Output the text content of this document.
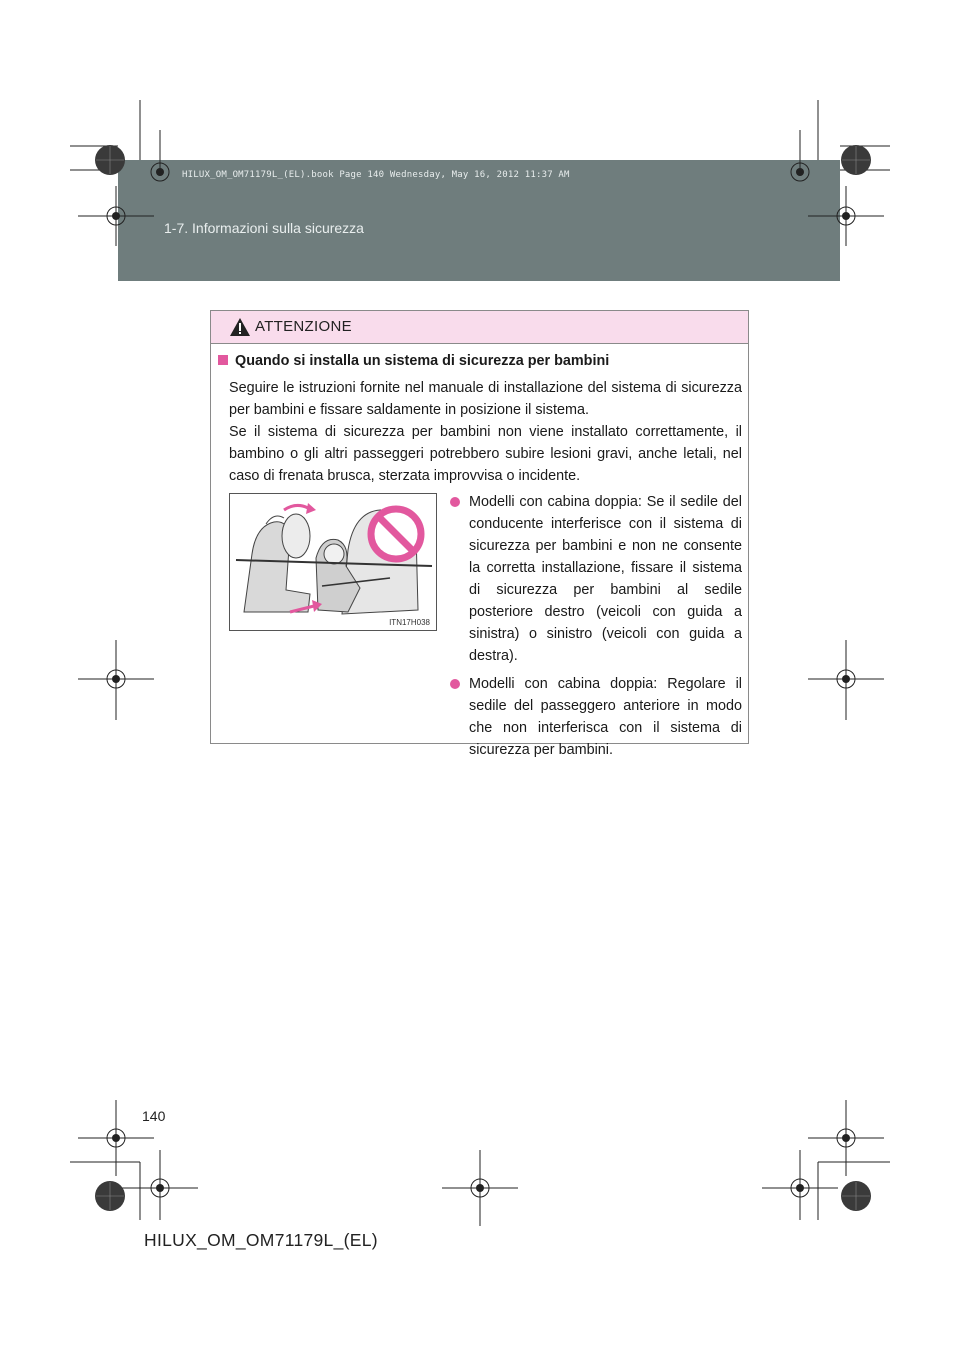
HILUX_OM_OM71179L_(EL).book Page 140 Wednesday, May 16, 2012 11:37 AM
1-7. Informazioni sulla sicurezza
ATTENZIONE
Quando si installa un sistema di sicurezza per bambini
Seguire le istruzioni fornite nel manuale di installazione del sistema di sicurezza per bambini e fissare saldamente in posizione il sistema.
Se il sistema di sicurezza per bambini non viene installato correttamente, il bambino o gli altri passeggeri potrebbero subire lesioni gravi, anche letali, nel caso di frenata brusca, sterzata improvvisa o incidente.
ITN17H038
Modelli con cabina doppia: Se il sedile del conducente interferisce con il sistema di sicurezza per bambini e non ne consente la corretta installazione, fissare il sistema di sicurezza per bambini al sedile posteriore destro (veicoli con guida a sinistra) o sinistro (veicoli con guida a destra).
Modelli con cabina doppia: Regolare il sedile del passeggero anteriore in modo che non interferisca con il sistema di sicurezza per bambini.
140
HILUX_OM_OM71179L_(EL)
